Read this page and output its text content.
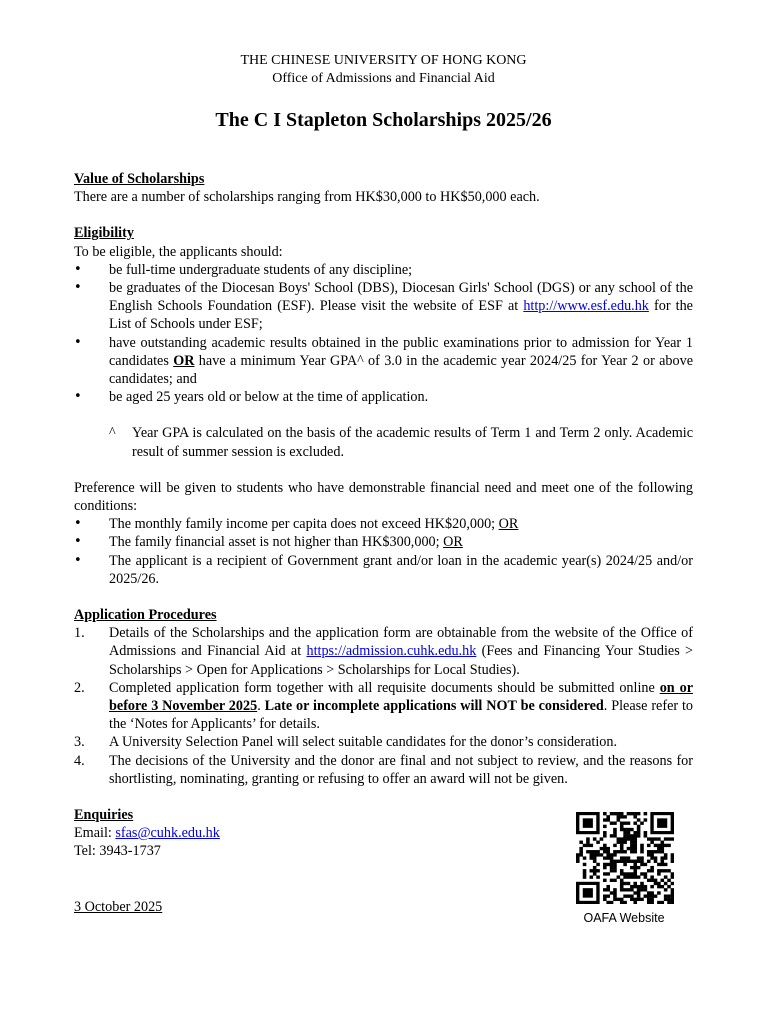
THE CHINESE UNIVERSITY OF HONG KONG
Office of Admissions and Financial Aid
The C I Stapleton Scholarships 2025/26
Value of Scholarships
There are a number of scholarships ranging from HK$30,000 to HK$50,000 each.
Eligibility
To be eligible, the applicants should:
• be full-time undergraduate students of any discipline;
• be graduates of the Diocesan Boys' School (DBS), Diocesan Girls' School (DGS) or any school of the English Schools Foundation (ESF). Please visit the website of ESF at http://www.esf.edu.hk for the List of Schools under ESF;
• have outstanding academic results obtained in the public examinations prior to admission for Year 1 candidates OR have a minimum Year GPA^ of 3.0 in the academic year 2024/25 for Year 2 or above candidates; and
• be aged 25 years old or below at the time of application.
^ Year GPA is calculated on the basis of the academic results of Term 1 and Term 2 only. Academic result of summer session is excluded.
Preference will be given to students who have demonstrable financial need and meet one of the following conditions:
• The monthly family income per capita does not exceed HK$20,000; OR
• The family financial asset is not higher than HK$300,000; OR
• The applicant is a recipient of Government grant and/or loan in the academic year(s) 2024/25 and/or 2025/26.
Application Procedures
1. Details of the Scholarships and the application form are obtainable from the website of the Office of Admissions and Financial Aid at https://admission.cuhk.edu.hk (Fees and Financing Your Studies > Scholarships > Open for Applications > Scholarships for Local Studies).
2. Completed application form together with all requisite documents should be submitted online on or before 3 November 2025. Late or incomplete applications will NOT be considered. Please refer to the ‘Notes for Applicants’ for details.
3. A University Selection Panel will select suitable candidates for the donor’s consideration.
4. The decisions of the University and the donor are final and not subject to review, and the reasons for shortlisting, nominating, granting or refusing to offer an award will not be given.
Enquiries
Email: sfas@cuhk.edu.hk
Tel: 3943-1737
3 October 2025
OAFA Website
